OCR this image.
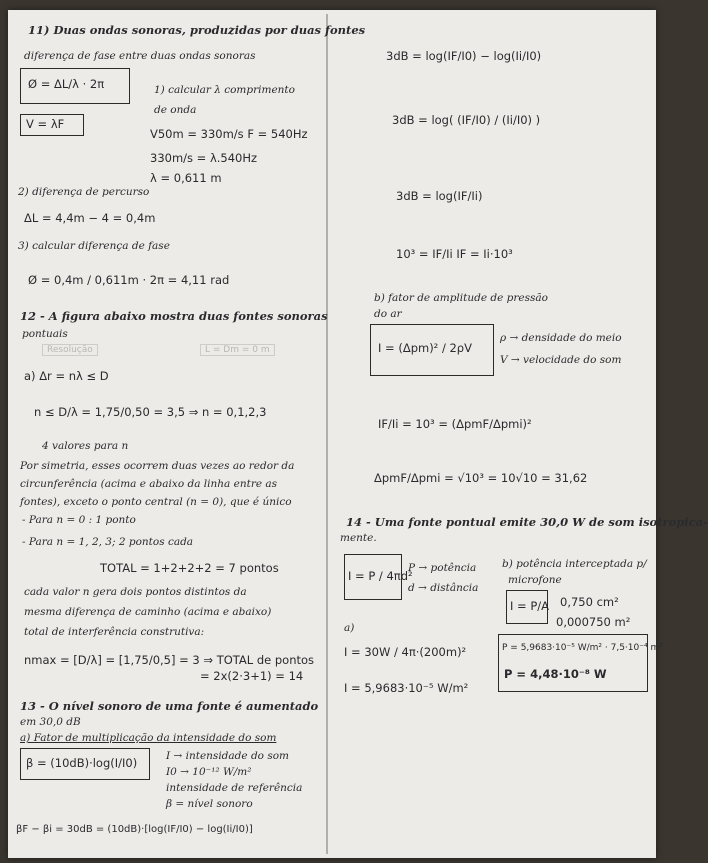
11) Duas ondas sonoras, produzidas por duas fontes
diferença de fase entre duas ondas sonoras
Ø = ΔL/λ · 2π
V = λF
1) calcular λ comprimento
de onda
V50m = 330m/s F = 540Hz
330m/s = λ.540Hz
λ = 0,611 m
2) diferença de percurso
ΔL = 4,4m − 4 = 0,4m
3) calcular diferença de fase
Ø = 0,4m / 0,611m · 2π = 4,11 rad
12 - A figura abaixo mostra duas fontes sonoras
pontuais
Resolução	L = Dm = 0 m
a) Δr = nλ ≤ D
n ≤ D/λ = 1,75/0,50 = 3,5 ⇒ n = 0,1,2,3
4 valores para n
Por simetria, esses ocorrem duas vezes ao redor da
circunferência (acima e abaixo da linha entre as
fontes), exceto o ponto central (n = 0), que é único
- Para n = 0 : 1 ponto
- Para n = 1, 2, 3; 2 pontos cada
TOTAL = 1+2+2+2 = 7 pontos
cada valor n gera dois pontos distintos da
mesma diferença de caminho (acima e abaixo)
total de interferência construtiva:
nmax = [D/λ] = [1,75/0,5] = 3 ⇒ TOTAL de pontos
= 2x(2·3+1) = 14
13 - O nível sonoro de uma fonte é aumentado
em 30,0 dB
a) Fator de multiplicação da intensidade do som
β = (10dB)·log(I/I0)	I → intensidade do som
I0 → 10⁻¹² W/m²
intensidade de referência
β = nível sonoro
βF − βi = 30dB = (10dB)·[log(IF/I0) − log(Ii/I0)]
3dB = log(IF/I0) − log(Ii/I0)
3dB = log( (IF/I0) / (Ii/I0) )
3dB = log(IF/Ii)
10³ = IF/Ii IF = Ii·10³
b) fator de amplitude de pressão
do ar
I = (Δpm)² / 2ρV
ρ → densidade do meio
V → velocidade do som
IF/Ii = 10³ = (ΔpmF/Δpmi)²
ΔpmF/Δpmi = √10³ = 10√10 = 31,62
14 - Uma fonte pontual emite 30,0 W de som isotropica-
mente.
I = P / 4πd²
P → potência
d → distância
b) potência interceptada p/
microfone
I = P/A 0,750 cm²
0,000750 m²
P = 5,9683·10⁻⁵ W/m² · 7,5·10⁻⁴ m²
P = 4,48·10⁻⁸ W
a)
I = 30W / 4π·(200m)²
I = 5,9683·10⁻⁵ W/m²
